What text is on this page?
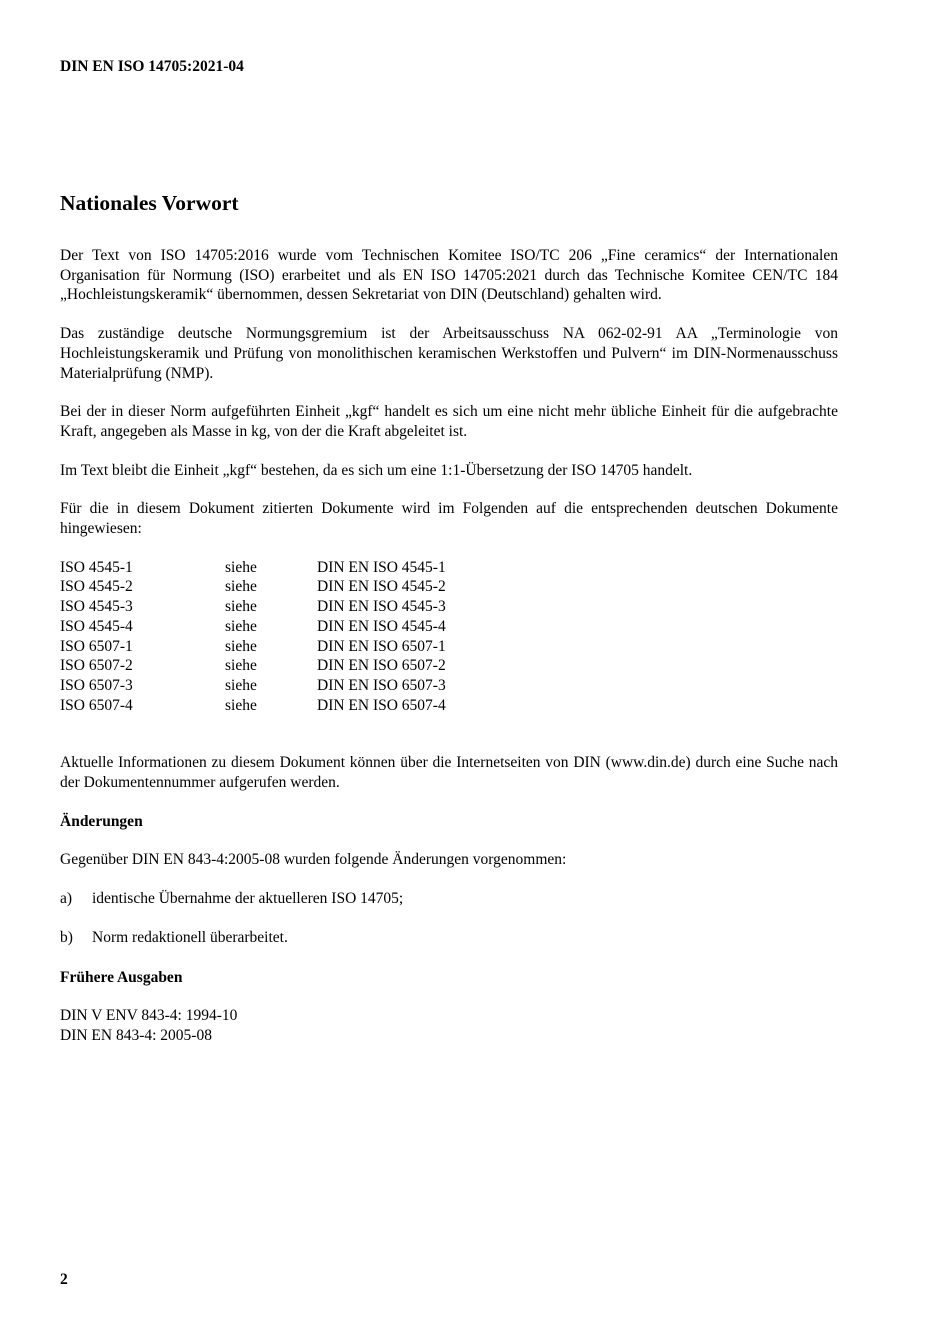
DIN EN ISO 14705:2021-04
Nationales Vorwort

Der Text von ISO 14705:2016 wurde vom Technischen Komitee ISO/TC 206 „Fine ceramics“ der Internationalen Organisation für Normung (ISO) erarbeitet und als EN ISO 14705:2021 durch das Technische Komitee CEN/TC 184 „Hochleistungskeramik“ übernommen, dessen Sekretariat von DIN (Deutschland) gehalten wird.

Das zuständige deutsche Normungsgremium ist der Arbeitsausschuss NA 062-02-91 AA „Terminologie von Hochleistungskeramik und Prüfung von monolithischen keramischen Werkstoffen und Pulvern“ im DIN-Normenausschuss Materialprüfung (NMP).

Bei der in dieser Norm aufgeführten Einheit „kgf“ handelt es sich um eine nicht mehr übliche Einheit für die aufgebrachte Kraft, angegeben als Masse in kg, von der die Kraft abgeleitet ist.

Im Text bleibt die Einheit „kgf“ bestehen, da es sich um eine 1:1-Übersetzung der ISO 14705 handelt.

Für die in diesem Dokument zitierten Dokumente wird im Folgenden auf die entsprechenden deutschen Dokumente hingewiesen:

ISO 4545-1	siehe	DIN EN ISO 4545-1
ISO 4545-2	siehe	DIN EN ISO 4545-2
ISO 4545-3	siehe	DIN EN ISO 4545-3
ISO 4545-4	siehe	DIN EN ISO 4545-4
ISO 6507-1	siehe	DIN EN ISO 6507-1
ISO 6507-2	siehe	DIN EN ISO 6507-2
ISO 6507-3	siehe	DIN EN ISO 6507-3
ISO 6507-4	siehe	DIN EN ISO 6507-4

Aktuelle Informationen zu diesem Dokument können über die Internetseiten von DIN (www.din.de) durch eine Suche nach der Dokumentennummer aufgerufen werden.

Änderungen

Gegenüber DIN EN 843-4:2005-08 wurden folgende Änderungen vorgenommen:

a)	identische Übernahme der aktuelleren ISO 14705;
b)	Norm redaktionell überarbeitet.
Frühere Ausgaben
DIN V ENV 843-4: 1994-10
DIN EN 843-4: 2005-08
2
